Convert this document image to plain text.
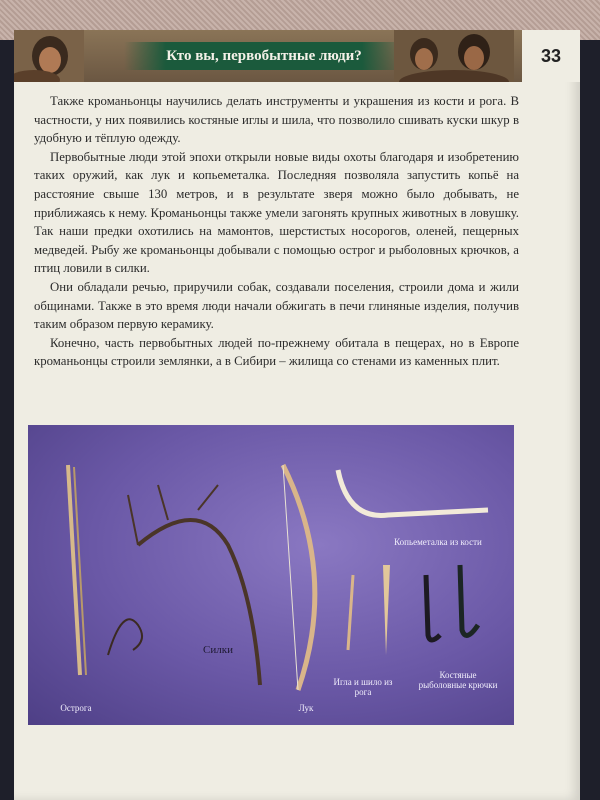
Кто вы, первобытные люди?	33

Также кроманьонцы научились делать инструменты и украшения из кости и рога. В частности, у них появились костяные иглы и шила, что позволило сшивать куски шкур в удобную и тёплую одежду.

Первобытные люди этой эпохи открыли новые виды охоты благодаря и изобретению таких оружий, как лук и копьеметалка. Последняя позволяла запустить копьё на расстояние свыше 130 метров, и в результате зверя можно было добывать, не приближаясь к нему. Кроманьонцы также умели загонять крупных животных в ловушку. Так наши предки охотились на мамонтов, шерстистых носорогов, оленей, пещерных медведей. Рыбу же кроманьонцы добывали с помощью острог и рыболовных крючков, а птиц ловили в силки.

Они обладали речью, приручили собак, создавали поселения, строили дома и жили общинами. Также в это время люди начали обжигать в печи глиняные изделия, получив таким образом первую керамику.

Конечно, часть первобытных людей по-прежнему обитала в пещерах, но в Европе кроманьонцы строили землянки, а в Сибири – жилища со стенами из каменных плит.

Острога
Силки
Лук
Копьеметалка из кости
Игла и шило из рога
Костяные рыболовные крючки
